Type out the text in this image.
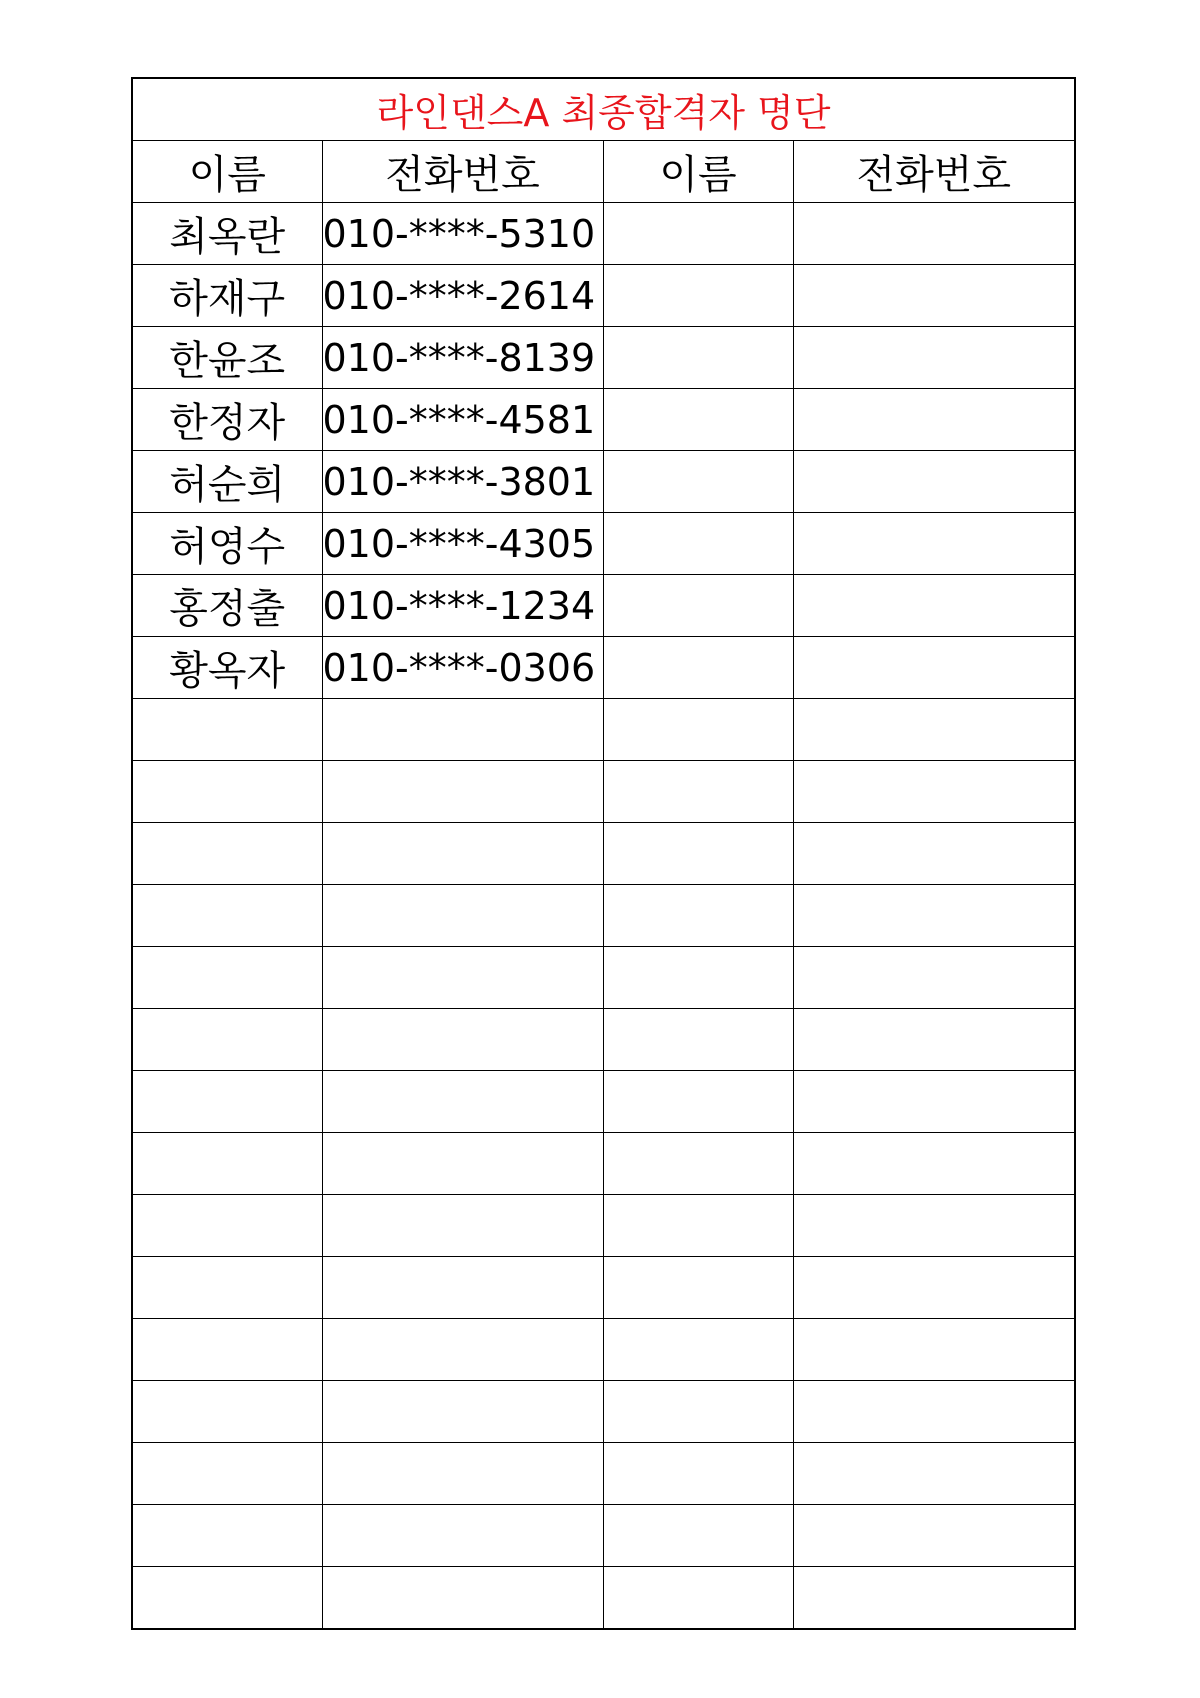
라인댄스A 최종합격자 명단			
이름	전화번호	이름	전화번호
최옥란	010-****-5310		
하재구	010-****-2614		
한윤조	010-****-8139		
한정자	010-****-4581		
허순희	010-****-3801		
허영수	010-****-4305		
홍정출	010-****-1234		
황옥자	010-****-0306		
